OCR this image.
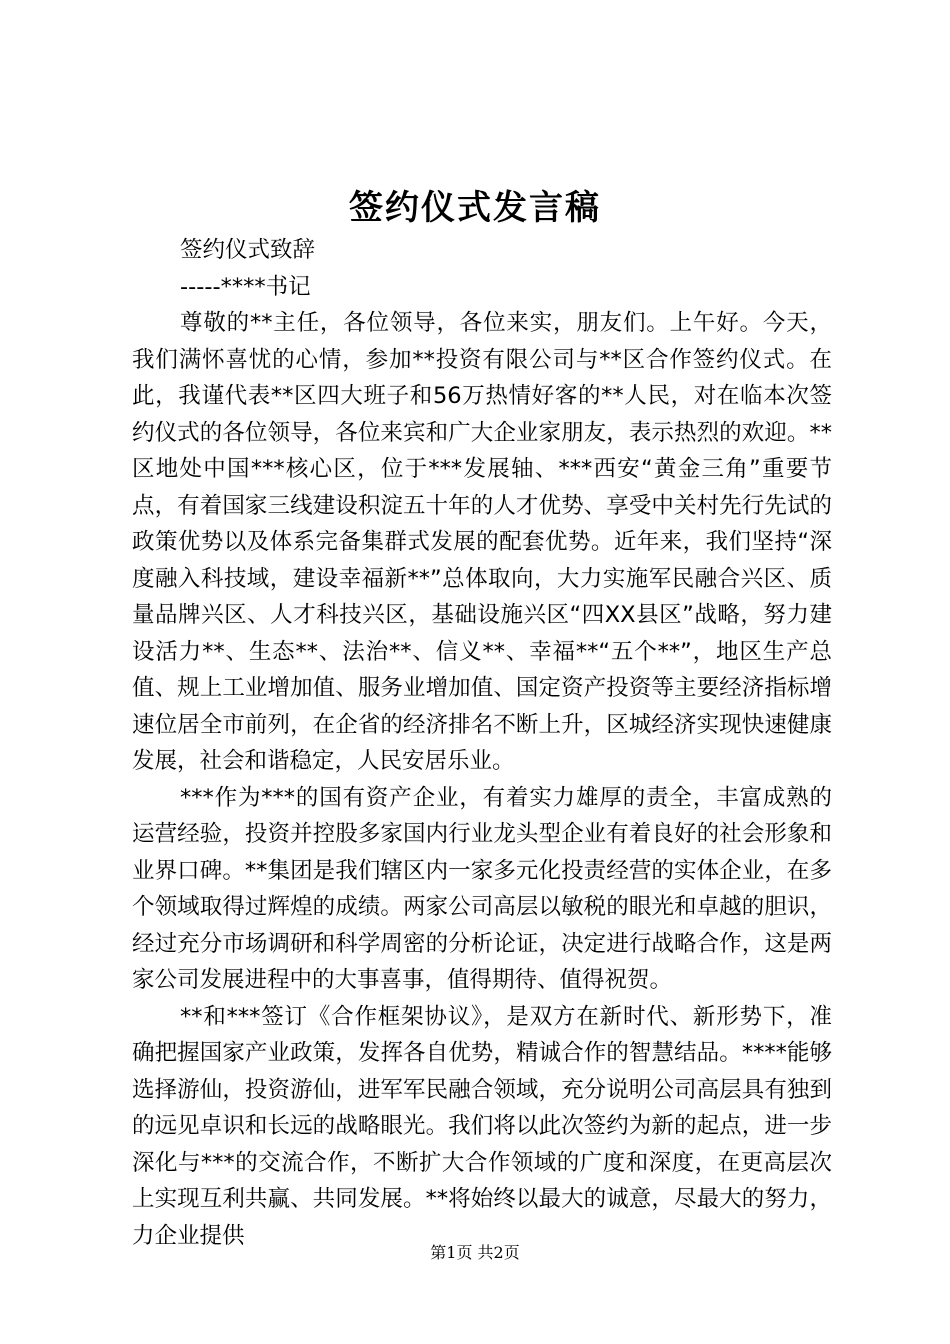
签约仪式发言稿

签约仪式致辞

-----****书记

尊敬的**主任，各位领导，各位来实，朋友们。上午好。今天，我们满怀喜忧的心情，参加**投资有限公司与**区合作签约仪式。在此，我谨代表**区四大班子和56万热情好客的**人民，对在临本次签约仪式的各位领导，各位来宾和广大企业家朋友，表示热烈的欢迎。**区地处中国***核心区，位于***发展轴、***西安“黄金三角”重要节点，有着国家三线建设积淀五十年的人才优势、享受中关村先行先试的政策优势以及体系完备集群式发展的配套优势。近年来，我们坚持“深度融入科技域，建设幸福新**”总体取向，大力实施军民融合兴区、质量品牌兴区、人才科技兴区，基础设施兴区“四XX县区”战略，努力建设活力**、生态**、法治**、信义**、幸福**“五个**”，地区生产总值、规上工业增加值、服务业增加值、国定资产投资等主要经济指标增速位居全市前列，在企省的经济排名不断上升，区城经济实现快速健康发展，社会和谐稳定，人民安居乐业。

***作为***的国有资产企业，有着实力雄厚的责全，丰富成熟的运营经验，投资并控股多家国内行业龙头型企业有着良好的社会形象和业界口碑。**集团是我们辖区内一家多元化投责经营的实体企业，在多个领域取得过辉煌的成绩。两家公司高层以敏税的眼光和卓越的胆识，经过充分市场调研和科学周密的分析论证，决定进行战略合作，这是两家公司发展进程中的大事喜事，值得期待、值得祝贺。

**和***签订《合作框架协议》，是双方在新时代、新形势下，准确把握国家产业政策，发挥各自优势，精诚合作的智慧结品。****能够选择游仙，投资游仙，进军军民融合领域，充分说明公司高层具有独到的远见卓识和长远的战略眼光。我们将以此次签约为新的起点，进一步深化与***的交流合作，不断扩大合作领域的广度和深度，在更高层次上实现互利共赢、共同发展。**将始终以最大的诚意，尽最大的努力，力企业提供

第1页 共2页
